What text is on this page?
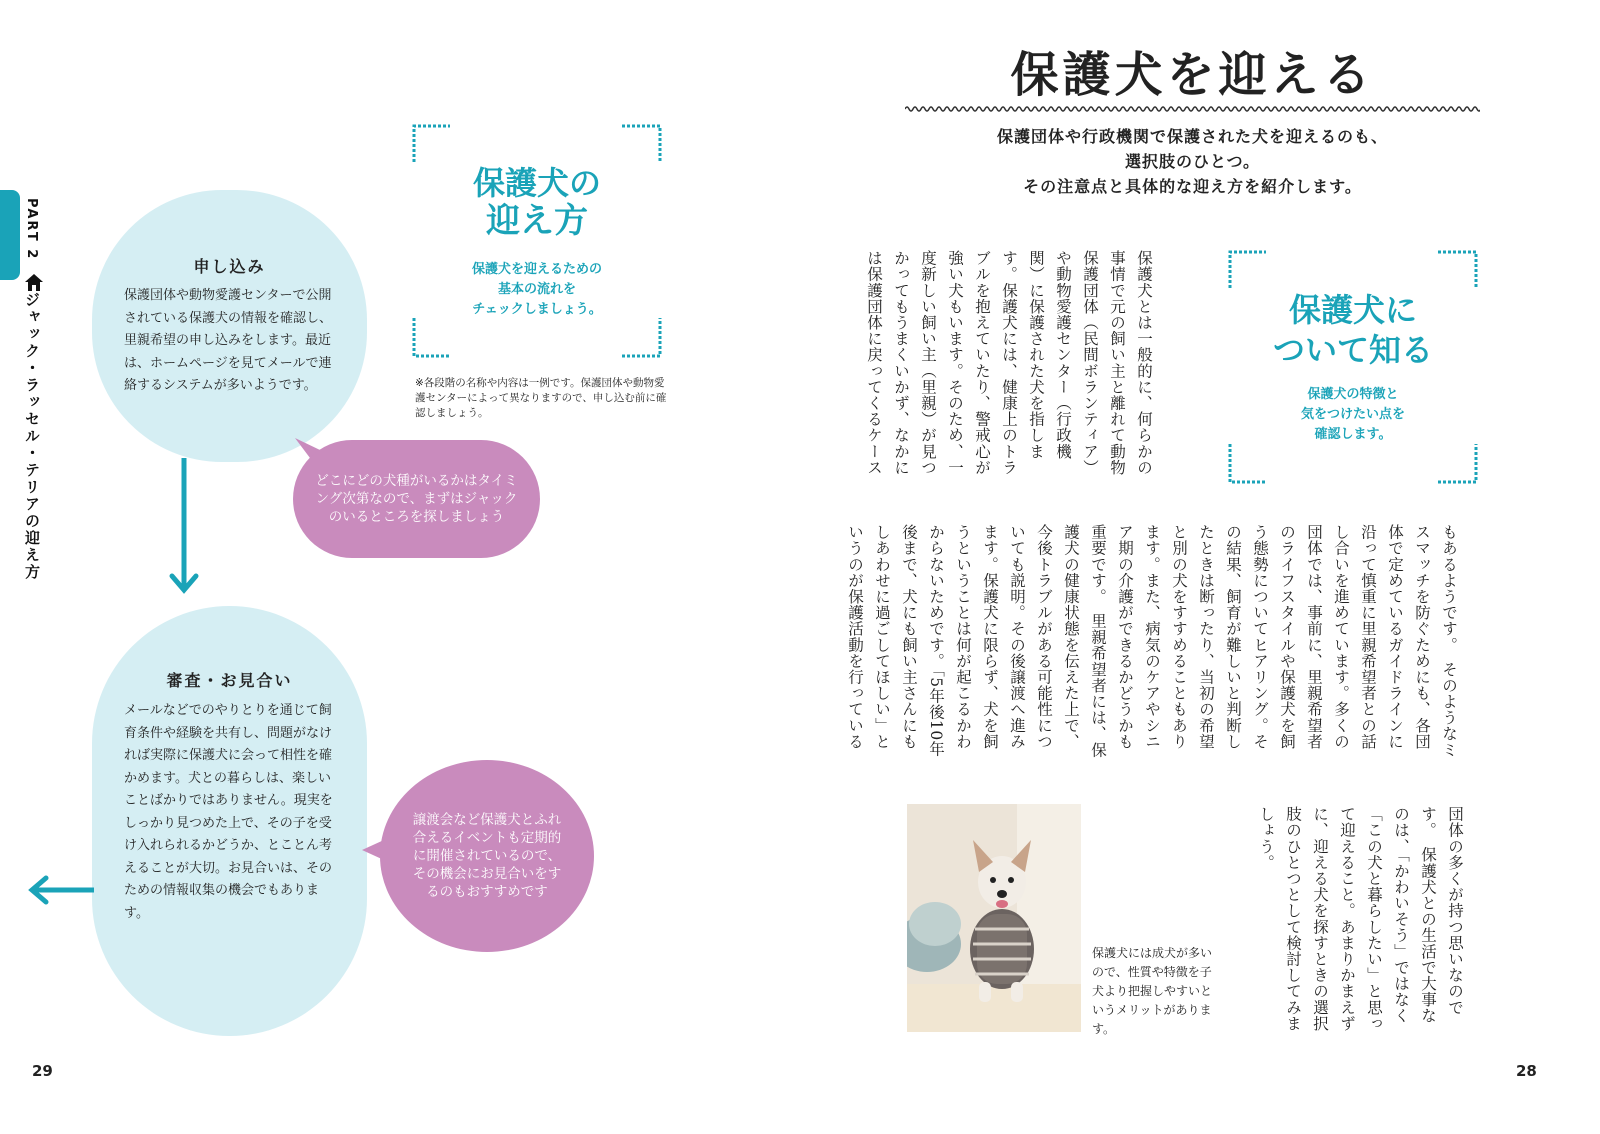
PART 2
ジャック・ラッセル・テリアの迎え方
保護犬の
迎え方
保護犬を迎えるための
基本の流れを
チェックしましょう。
※各段階の名称や内容は一例です。保護団体や動物愛護センターによって異なりますので、申し込む前に確認しましょう。
申し込み
保護団体や動物愛護センターで公開されている保護犬の情報を確認し、里親希望の申し込みをします。最近は、ホームページを見てメールで連絡するシステムが多いようです。
どこにどの犬種がいるかはタイミング次第なので、まずはジャックのいるところを探しましょう
審査・お見合い
メールなどでのやりとりを通じて飼育条件や経験を共有し、問題がなければ実際に保護犬に会って相性を確かめます。犬との暮らしは、楽しいことばかりではありません。現実をしっかり見つめた上で、その子を受け入れられるかどうか、とことん考えることが大切。お見合いは、そのための情報収集の機会でもあります。
譲渡会など保護犬とふれ合えるイベントも定期的に開催されているので、その機会にお見合いをするのもおすすめです
29
保護犬を迎える
保護団体や行政機関で保護された犬を迎えるのも、
選択肢のひとつ。
その注意点と具体的な迎え方を紹介します。
保護犬とは一般的に、何らかの事情で元の飼い主と離れて動物保護団体（民間ボランティア）や動物愛護センター（行政機関）に保護された犬を指します。保護犬には、健康上のトラブルを抱えていたり、警戒心が強い犬もいます。そのため、一度新しい飼い主（里親）が見つかってもうまくいかず、なかには保護団体に戻ってくるケース	保護犬に
ついて知る
保護犬の特徴と
気をつけたい点を
確認します。
もあるようです。　そのようなミスマッチを防ぐためにも、各団体で定めているガイドラインに沿って慎重に里親希望者との話し合いを進めています。多くの団体では、事前に、里親希望者のライフスタイルや保護犬を飼う態勢についてヒアリング。その結果、飼育が難しいと判断したときは断ったり、当初の希望と別の犬をすすめることもあります。また、病気のケアやシニア期の介護ができるかどうかも重要です。　里親希望者には、保護犬の健康状態を伝えた上で、今後トラブルがある可能性についても説明。その後譲渡へ進みます。保護犬に限らず、犬を飼うということは何が起こるかわからないためです。「5年後10年後まで、犬にも飼い主さんにもしあわせに過ごしてほしい」というのが保護活動を行っている
保護犬には成犬が多いので、性質や特徴を子犬より把握しやすいというメリットがあります。
団体の多くが持つ思いなのです。　保護犬との生活で大事なのは、「かわいそう」ではなく「この犬と暮らしたい」と思って迎えること。あまりかまえずに、迎える犬を探すときの選択肢のひとつとして検討してみましょう。
28
